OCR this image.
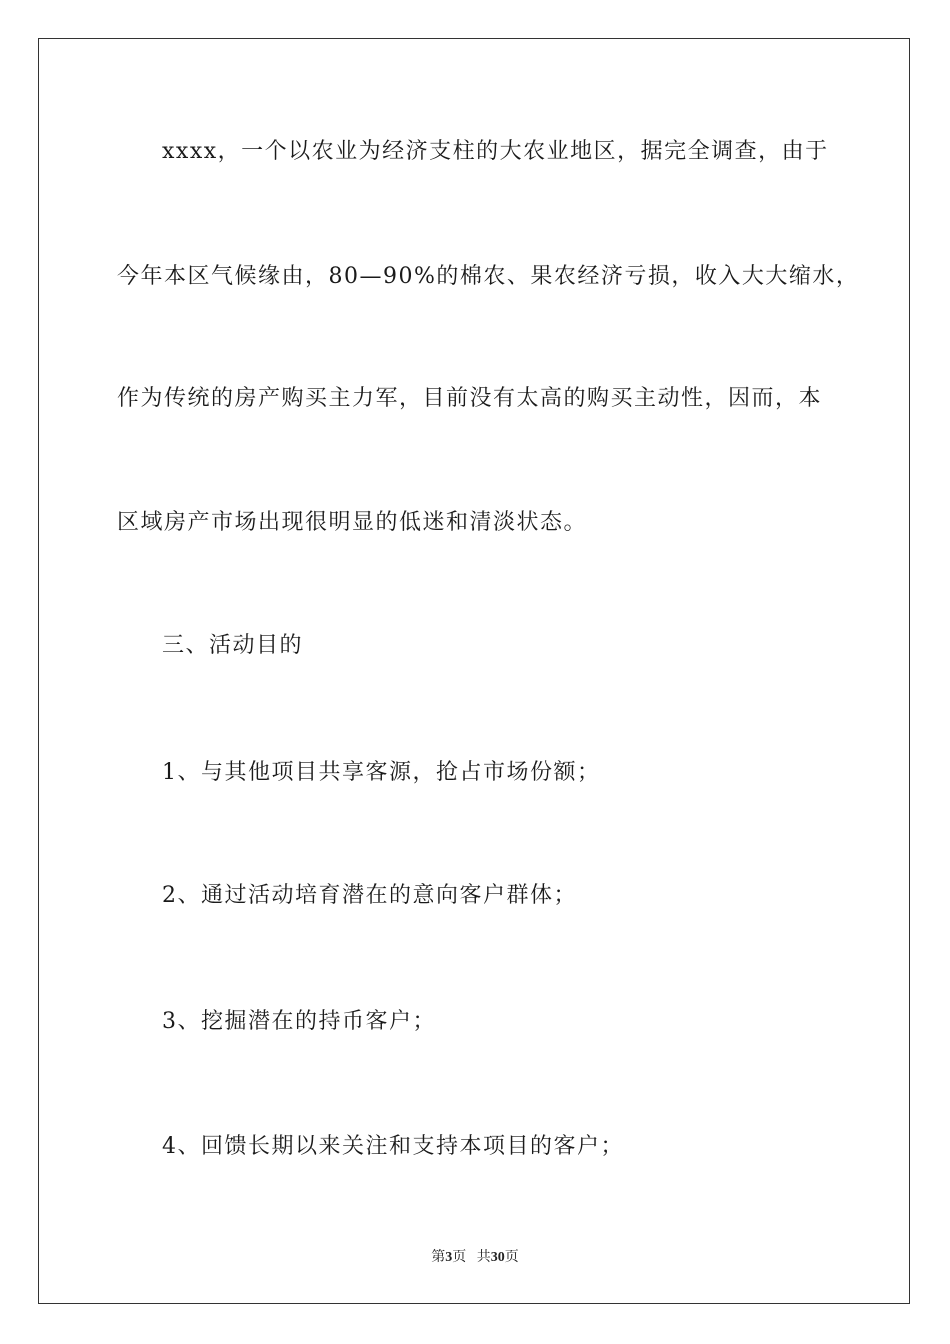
xxxx，一个以农业为经济支柱的大农业地区，据完全调查，由于
今年本区气候缘由，80—90%的棉农、果农经济亏损，收入大大缩水，
作为传统的房产购买主力军，目前没有太高的购买主动性，因而，本
区域房产市场出现很明显的低迷和清淡状态。
三、活动目的
1、与其他项目共享客源，抢占市场份额；
2、通过活动培育潜在的意向客户群体；
3、挖掘潜在的持币客户；
4、回馈长期以来关注和支持本项目的客户；
第3页 共30页
